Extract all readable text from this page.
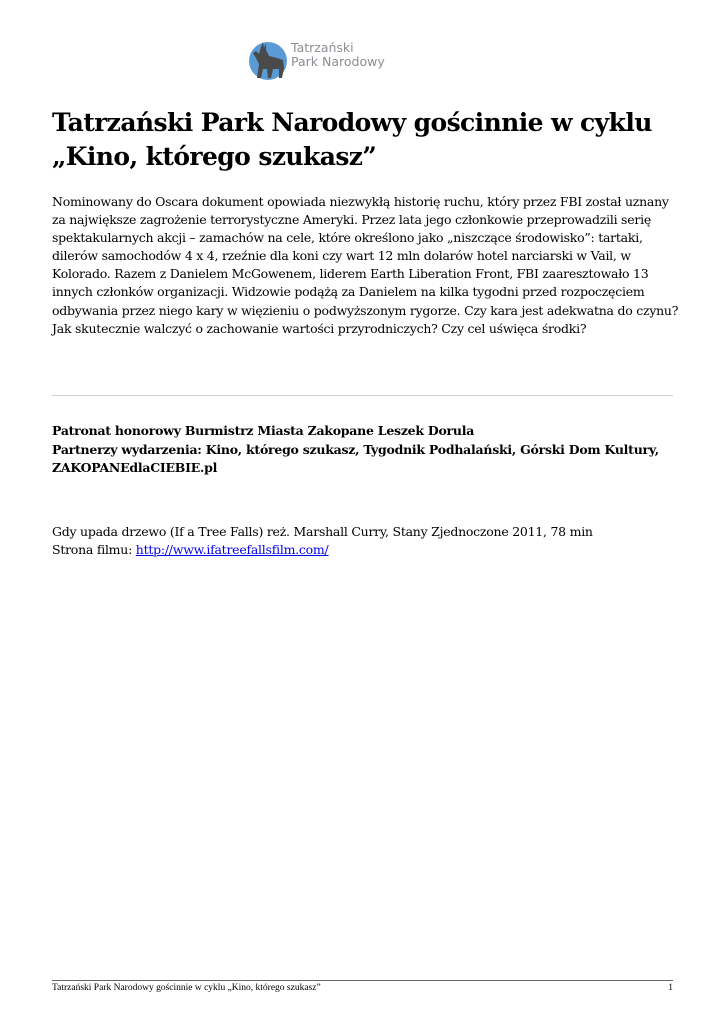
Tatrzański
Park Narodowy
Tatrzański Park Narodowy gościnnie w cyklu „Kino, którego szukasz”

Nominowany do Oscara dokument opowiada niezwykłą historię ruchu, który przez FBI został uznany za największe zagrożenie terrorystyczne Ameryki. Przez lata jego członkowie przeprowadzili serię spektakularnych akcji – zamachów na cele, które określono jako „niszczące środowisko”: tartaki, dilerów samochodów 4 x 4, rzeźnie dla koni czy wart 12 mln dolarów hotel narciarski w Vail, w Kolorado. Razem z Danielem McGowenem, liderem Earth Liberation Front, FBI zaaresztowało 13 innych członków organizacji. Widzowie podążą za Danielem na kilka tygodni przed rozpoczęciem odbywania przez niego kary w więzieniu o podwyższonym rygorze. Czy kara jest adekwatna do czynu? Jak skutecznie walczyć o zachowanie wartości przyrodniczych? Czy cel uświęca środki?

Patronat honorowy Burmistrz Miasta Zakopane Leszek Dorula
Partnerzy wydarzenia: Kino, którego szukasz, Tygodnik Podhalański, Górski Dom Kultury, ZAKOPANEdlaCIEBIE.pl
Gdy upada drzewo (If a Tree Falls) reż. Marshall Curry, Stany Zjednoczone 2011, 78 min
Strona filmu: http://www.ifatreefallsfilm.com/
Tatrzański Park Narodowy gościnnie w cyklu „Kino, którego szukasz”	1
